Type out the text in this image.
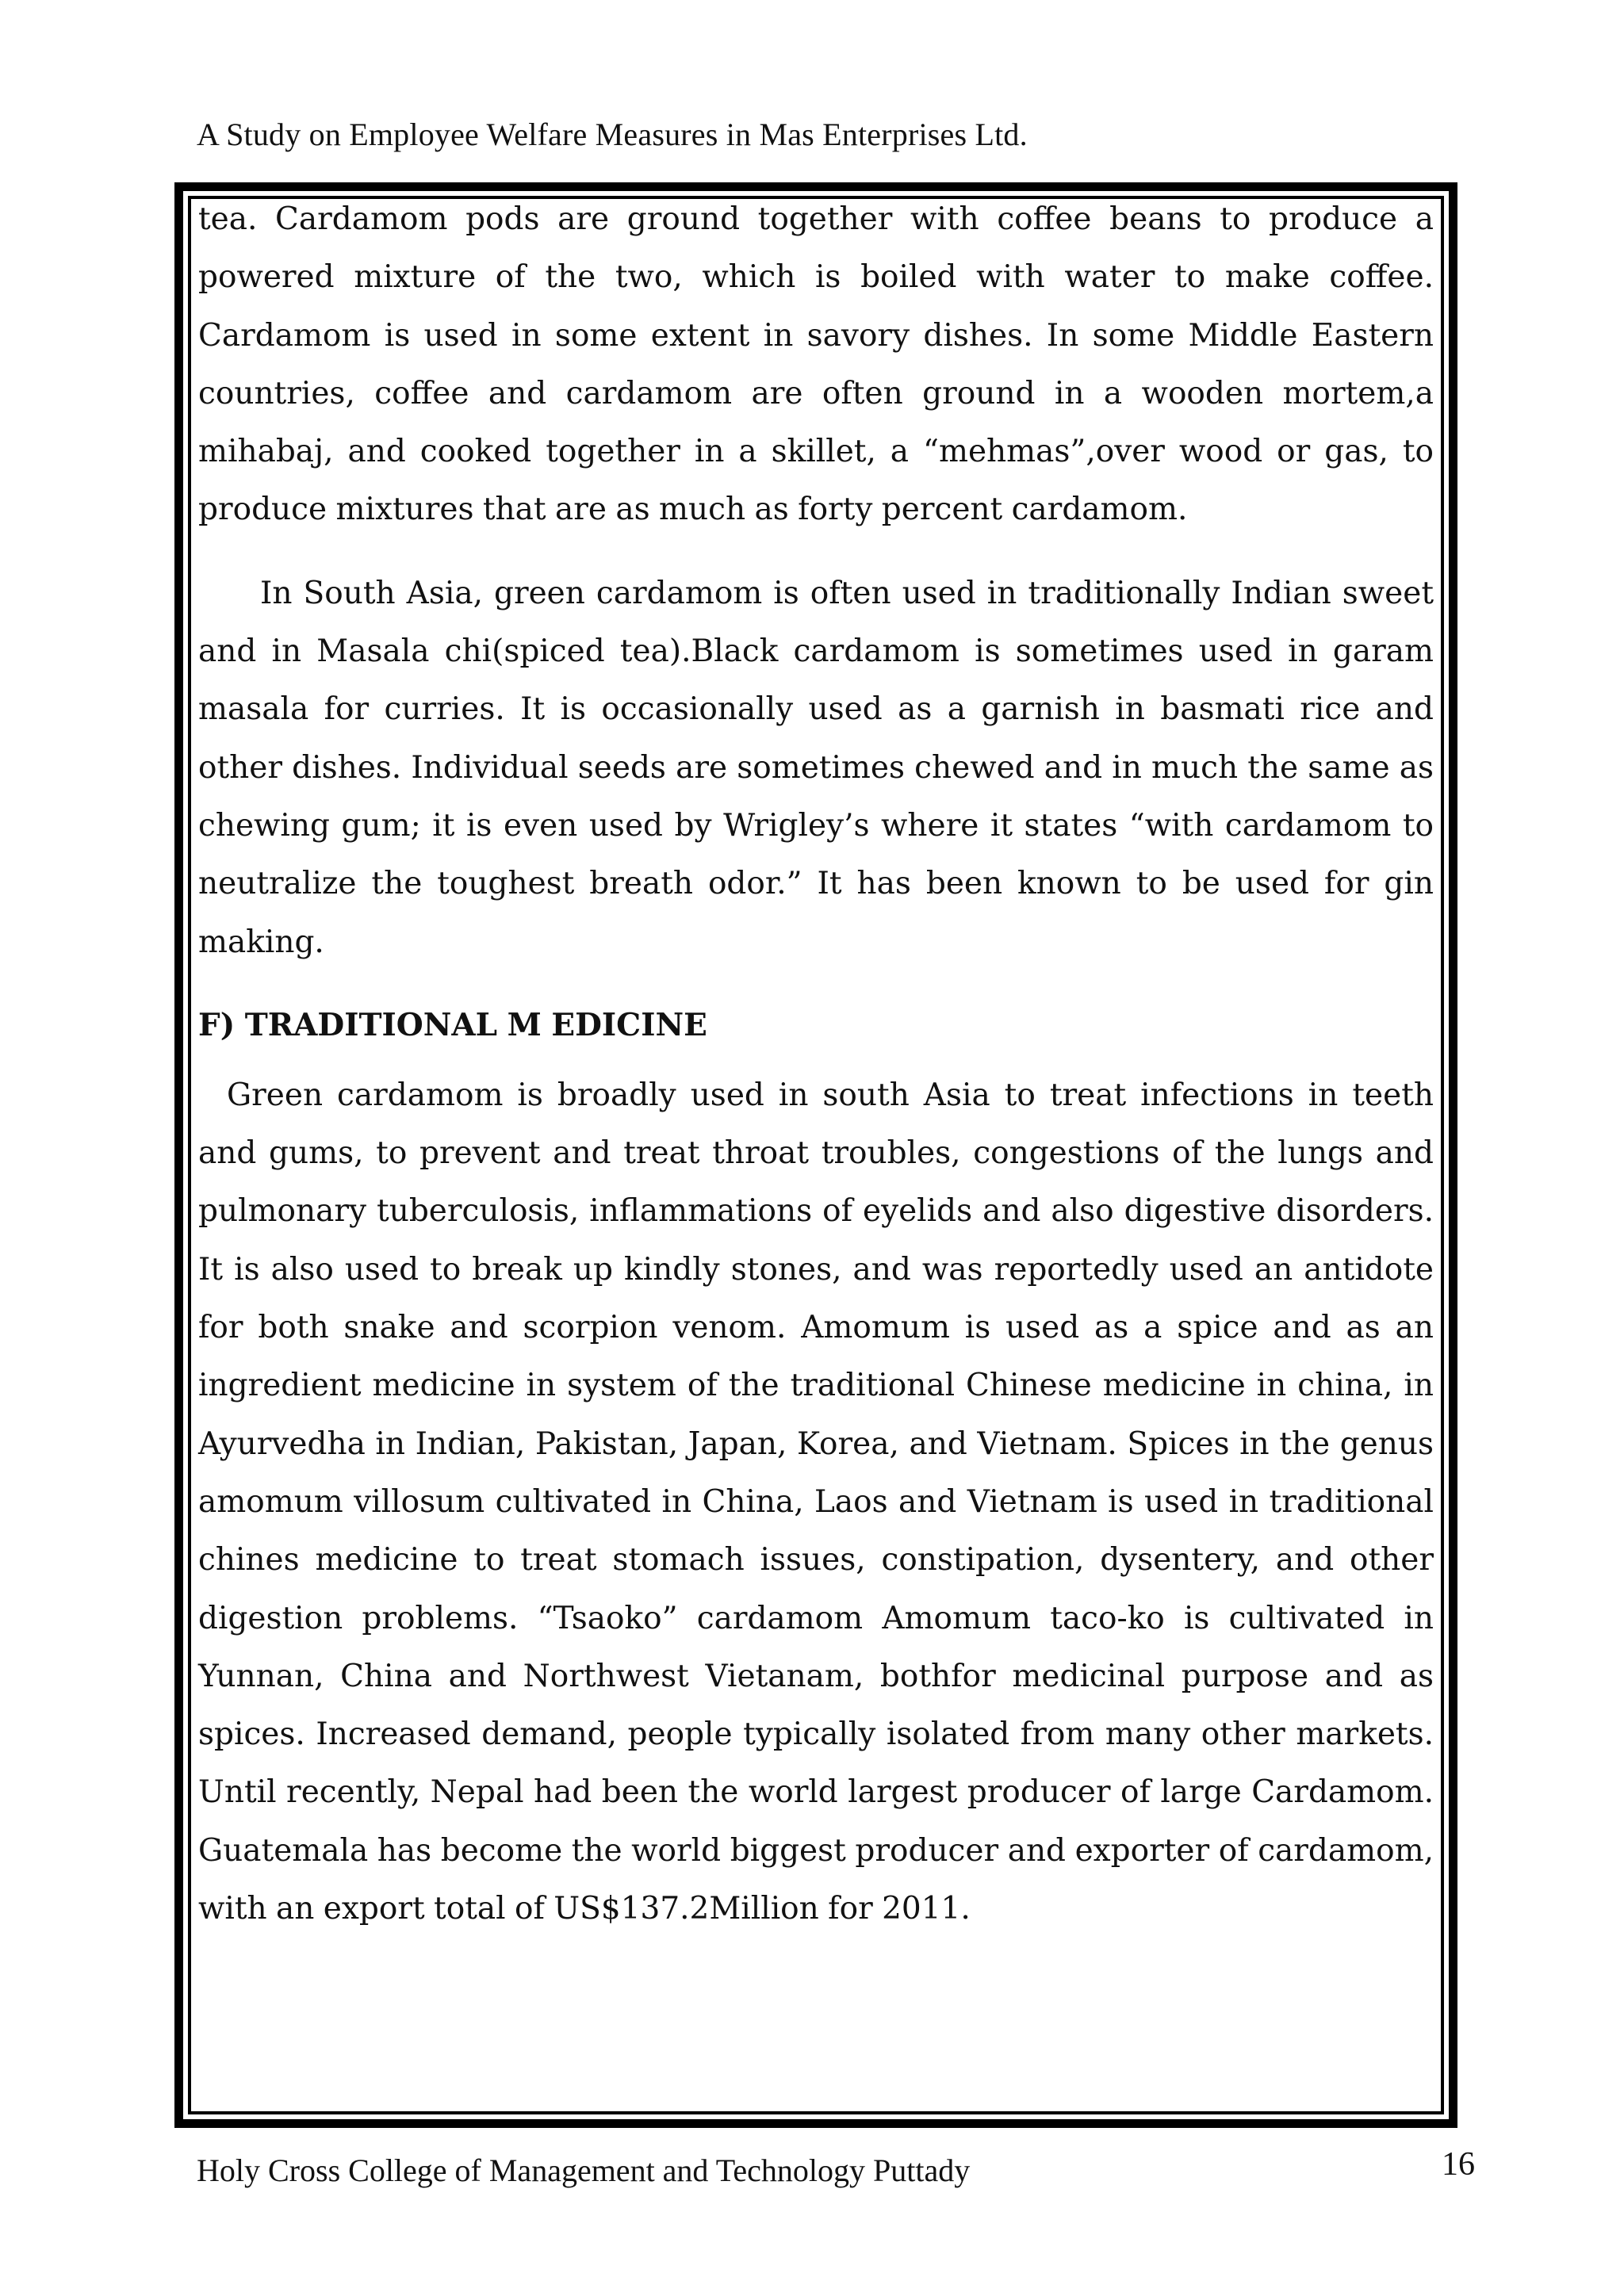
A Study on Employee Welfare Measures in Mas Enterprises Ltd.

tea. Cardamom pods are ground together with coffee beans to produce a powered mixture of the two, which is boiled with water to make coffee. Cardamom is used in some extent in savory dishes. In some Middle Eastern countries, coffee and cardamom are often ground in a wooden mortem,a mihabaj, and cooked together in a skillet, a “mehmas”,over wood or gas, to produce mixtures that are as much as forty percent cardamom.

In South Asia, green cardamom is often used in traditionally Indian sweet and in Masala chi(spiced tea).Black cardamom is sometimes used in garam masala for curries. It is occasionally used as a garnish in basmati rice and other dishes. Individual seeds are sometimes chewed and in much the same as chewing gum; it is even used by Wrigley’s where it states “with cardamom to neutralize the toughest breath odor.” It has been known to be used for gin making.

F) TRADITIONAL M EDICINE

Green cardamom is broadly used in south Asia to treat infections in teeth and gums, to prevent and treat throat troubles, congestions of the lungs and pulmonary tuberculosis, inflammations of eyelids and also digestive disorders. It is also used to break up kindly stones, and was reportedly used an antidote for both snake and scorpion venom. Amomum is used as a spice and as an ingredient medicine in system of the traditional Chinese medicine in china, in Ayurvedha in Indian, Pakistan, Japan, Korea, and Vietnam. Spices in the genus amomum villosum cultivated in China, Laos and Vietnam is used in traditional chines medicine to treat stomach issues, constipation, dysentery, and other digestion problems. “Tsaoko” cardamom Amomum taco-ko is cultivated in Yunnan, China and Northwest Vietanam, bothfor medicinal purpose and as spices. Increased demand, people typically isolated from many other markets. Until recently, Nepal had been the world largest producer of large Cardamom. Guatemala has become the world biggest producer and exporter of cardamom, with an export total of US$137.2Million for 2011.

Holy Cross College of Management and Technology Puttady	16
